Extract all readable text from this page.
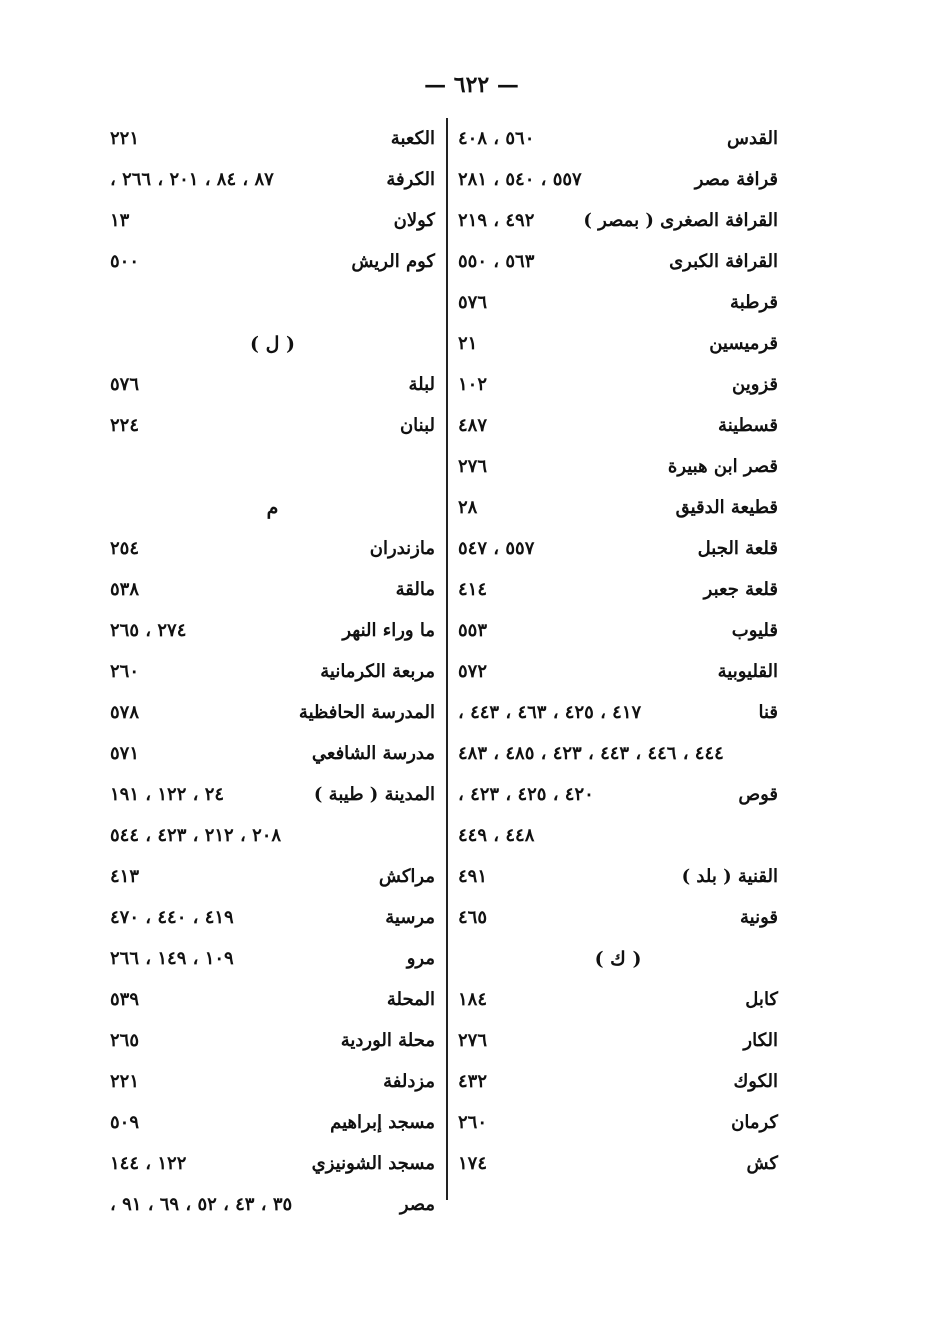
— ٦٢٢ —
القدس
٥٦٠ ، ٤٠٨
قرافة مصر
٥٥٧ ، ٥٤٠ ، ٢٨١
القرافة الصغرى ( بمصر )
٤٩٢ ، ٢١٩
القرافة الكبرى
٥٦٣ ، ٥٥٠
قرطبة
٥٧٦
قرميسين
٢١
قزوين
١٠٢
قسطينة
٤٨٧
قصر ابن هبيرة
٢٧٦
قطيعة الدقيق
٢٨
قلعة الجبل
٥٥٧ ، ٥٤٧
قلعة جعبر
٤١٤
قليوب
٥٥٣
القليوبية
٥٧٢
قنا
٤١٧ ، ٤٢٥ ، ٤٦٣ ، ٤٤٣ ،
٤٤٤ ، ٤٤٦ ، ٤٤٣ ، ٤٢٣ ، ٤٨٥ ، ٤٨٣
قوص
٤٢٠ ، ٤٢٥ ، ٤٢٣ ،
٤٤٨ ، ٤٤٩
القنية ( بلد )
٤٩١
قونية
٤٦٥
( ك )
كابل
١٨٤
الكار
٢٧٦
الكوك
٤٣٢
كرمان
٢٦٠
كش
١٧٤
الكعبة
٢٢١
الكرفة
٨٧ ، ٨٤ ، ٢٠١ ، ٢٦٦ ،
كولان
١٣
كوم الريش
٥٠٠
( ل )
لبلة
٥٧٦
لبنان
٢٢٤
م
مازندران
٢٥٤
مالقة
٥٣٨
ما وراء النهر
٢٧٤ ، ٢٦٥
مربعة الكرمانية
٢٦٠
المدرسة الحافظية
٥٧٨
مدرسة الشافعي
٥٧١
المدينة ( طيبة )
٢٤ ، ١٢٢ ، ١٩١
٢٠٨ ، ٢١٢ ، ٤٢٣ ، ٥٤٤
مراكش
٤١٣
مرسية
٤١٩ ، ٤٤٠ ، ٤٧٠
مرو
١٠٩ ، ١٤٩ ، ٢٦٦
المحلة
٥٣٩
محلة الوردية
٢٦٥
مزدلفة
٢٢١
مسجد إبراهيم
٥٠٩
مسجد الشونيزي
١٢٢ ، ١٤٤
مصر
٣٥ ، ٤٣ ، ٥٢ ، ٦٩ ، ٩١ ،
